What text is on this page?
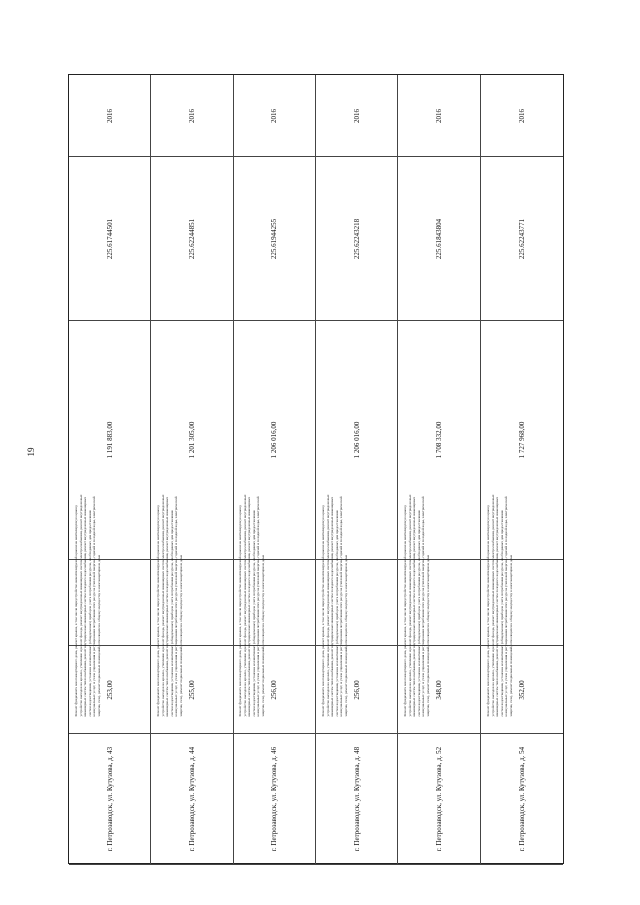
19
2016
225.61744501
1 191 883,00
Ремонт фундамента многоквартирного дома, ремонт крыши, в том числе переустройство невентилируемой крыши на вентилируемую крышу, устройство выходов на кровлю, утепление и ремонт фасада, ремонт внутридомовых инженерных систем электроснабжения, ремонт внутридомовых инженерных систем теплоснабжения, ремонт внутридомовых инженерных систем холодного водоснабжения, ремонт внутридомовых инженерных систем водоотведения, установка коллективных (общедомовых) приборов учета потребления ресурсов, необходимых для предоставления коммунальных услуг, и узлов управления и регулирования потребления этих ресурсов (тепловой энергии, горячей и холодной воды, электрической энергии, газа), ремонт подвальных помещений, относящихся к общему имуществу в многоквартирном доме 253,00
г. Петрозаводск, ул. Кутузова, д. 43
2016
225.62244851
1 201 305,00
Ремонт фундамента многоквартирного дома, ремонт крыши, в том числе переустройство невентилируемой крыши на вентилируемую крышу, устройство выходов на кровлю, утепление и ремонт фасада, ремонт внутридомовых инженерных систем электроснабжения, ремонт внутридомовых инженерных систем теплоснабжения, ремонт внутридомовых инженерных систем холодного водоснабжения, ремонт внутридомовых инженерных систем водоотведения, установка коллективных (общедомовых) приборов учета потребления ресурсов, необходимых для предоставления коммунальных услуг, и узлов управления и регулирования потребления этих ресурсов (тепловой энергии, горячей и холодной воды, электрической энергии, газа), ремонт подвальных помещений, относящихся к общему имуществу в многоквартирном доме 255,00
г. Петрозаводск, ул. Кутузова, д. 44
2016
225.61944255
1 206 016,00
Ремонт фундамента многоквартирного дома, ремонт крыши, в том числе переустройство невентилируемой крыши на вентилируемую крышу, устройство выходов на кровлю, утепление и ремонт фасада, ремонт внутридомовых инженерных систем электроснабжения, ремонт внутридомовых инженерных систем теплоснабжения, ремонт внутридомовых инженерных систем холодного водоснабжения, ремонт внутридомовых инженерных систем водоотведения, установка коллективных (общедомовых) приборов учета потребления ресурсов, необходимых для предоставления коммунальных услуг, и узлов управления и регулирования потребления этих ресурсов (тепловой энергии, горячей и холодной воды, электрической энергии, газа), ремонт подвальных помещений, относящихся к общему имуществу в многоквартирном доме 256,00
г. Петрозаводск, ул. Кутузова, д. 46
2016
225.62243218
1 206 016,00
Ремонт фундамента многоквартирного дома, ремонт крыши, в том числе переустройство невентилируемой крыши на вентилируемую крышу, устройство выходов на кровлю, утепление и ремонт фасада, ремонт внутридомовых инженерных систем электроснабжения, ремонт внутридомовых инженерных систем теплоснабжения, ремонт внутридомовых инженерных систем холодного водоснабжения, ремонт внутридомовых инженерных систем водоотведения, установка коллективных (общедомовых) приборов учета потребления ресурсов, необходимых для предоставления коммунальных услуг, и узлов управления и регулирования потребления этих ресурсов (тепловой энергии, горячей и холодной воды, электрической энергии, газа), ремонт подвальных помещений, относящихся к общему имуществу в многоквартирном доме 256,00
г. Петрозаводск, ул. Кутузова, д. 48
2016
225.61843804
1 708 332,00
Ремонт фундамента многоквартирного дома, ремонт крыши, в том числе переустройство невентилируемой крыши на вентилируемую крышу, устройство выходов на кровлю, утепление и ремонт фасада, ремонт внутридомовых инженерных систем электроснабжения, ремонт внутридомовых инженерных систем теплоснабжения, ремонт внутридомовых инженерных систем холодного водоснабжения, ремонт внутридомовых инженерных систем водоотведения, установка коллективных (общедомовых) приборов учета потребления ресурсов, необходимых для предоставления коммунальных услуг, и узлов управления и регулирования потребления этих ресурсов (тепловой энергии, горячей и холодной воды, электрической энергии, газа), ремонт подвальных помещений, относящихся к общему имуществу в многоквартирном доме 348,00
г. Петрозаводск, ул. Кутузова, д. 52
2016
225.62243771
1 727 968,00
Ремонт фундамента многоквартирного дома, ремонт крыши, в том числе переустройство невентилируемой крыши на вентилируемую крышу, устройство выходов на кровлю, утепление и ремонт фасада, ремонт внутридомовых инженерных систем электроснабжения, ремонт внутридомовых инженерных систем теплоснабжения, ремонт внутридомовых инженерных систем холодного водоснабжения, ремонт внутридомовых инженерных систем водоотведения, установка коллективных (общедомовых) приборов учета потребления ресурсов, необходимых для предоставления коммунальных услуг, и узлов управления и регулирования потребления этих ресурсов (тепловой энергии, горячей и холодной воды, электрической энергии, газа), ремонт подвальных помещений, относящихся к общему имуществу в многоквартирном доме 352,00
г. Петрозаводск, ул. Кутузова, д. 54
